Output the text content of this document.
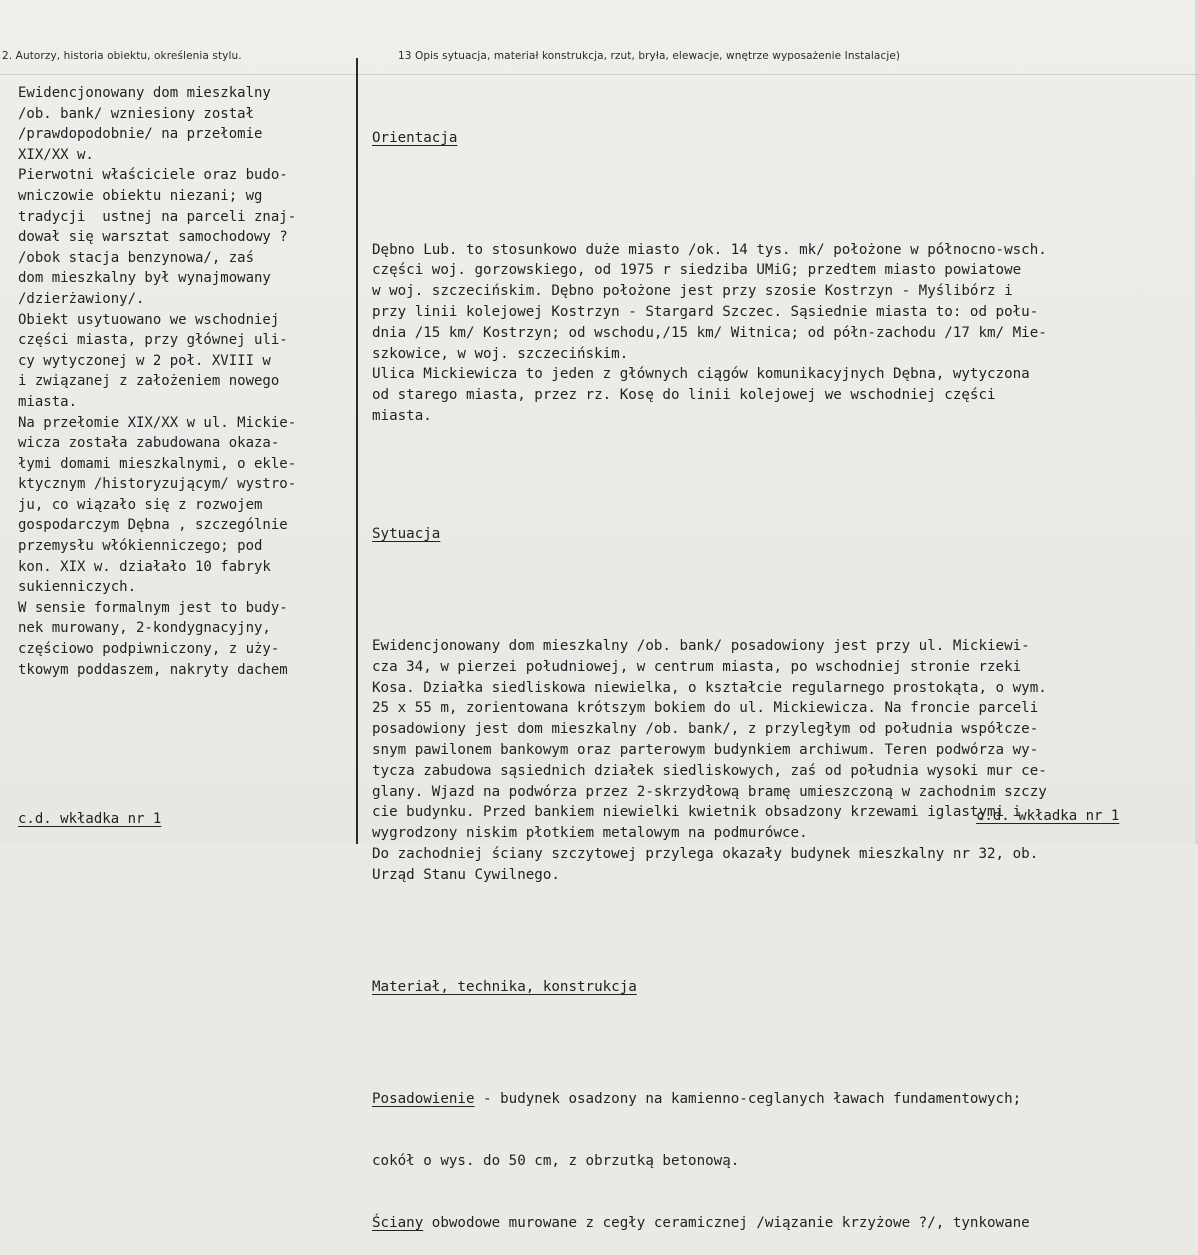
2. Autorzy, historia obiektu, określenia stylu.	13 Opis sytuacja, materiał konstrukcja, rzut, bryła, elewacje, wnętrze wyposażenie Instalacje)
Ewidencjonowany dom mieszkalny
/ob. bank/ wzniesiony został
/prawdopodobnie/ na przełomie
XIX/XX w.
Pierwotni właściciele oraz budo-
wniczowie obiektu niezani; wg
tradycji  ustnej na parceli znaj-
dował się warsztat samochodowy ?
/obok stacja benzynowa/, zaś
dom mieszkalny był wynajmowany
/dzierżawiony/.
Obiekt usytuowano we wschodniej
części miasta, przy głównej uli-
cy wytyczonej w 2 poł. XVIII w
i związanej z założeniem nowego
miasta.
Na przełomie XIX/XX w ul. Mickie-
wicza została zabudowana okaza-
łymi domami mieszkalnymi, o ekle-
ktycznym /historyzującym/ wystro-
ju, co wiązało się z rozwojem
gospodarczym Dębna , szczególnie
przemysłu włókienniczego; pod
kon. XIX w. działało 10 fabryk
sukienniczych.
W sensie formalnym jest to budy-
nek murowany, 2-kondygnacyjny,
częściowo podpiwniczony, z uży-
tkowym poddaszem, nakryty dachem

Orientacja

Dębno Lub. to stosunkowo duże miasto /ok. 14 tys. mk/ położone w północno-wsch.
części woj. gorzowskiego, od 1975 r siedziba UMiG; przedtem miasto powiatowe
w woj. szczecińskim. Dębno położone jest przy szosie Kostrzyn - Myślibórz i
przy linii kolejowej Kostrzyn - Stargard Szczec. Sąsiednie miasta to: od połu-
dnia /15 km/ Kostrzyn; od wschodu,/15 km/ Witnica; od półn-zachodu /17 km/ Mie-
szkowice, w woj. szczecińskim.
Ulica Mickiewicza to jeden z głównych ciągów komunikacyjnych Dębna, wytyczona
od starego miasta, przez rz. Kosę do linii kolejowej we wschodniej części
miasta.

Sytuacja

Ewidencjonowany dom mieszkalny /ob. bank/ posadowiony jest przy ul. Mickiewi-
cza 34, w pierzei południowej, w centrum miasta, po wschodniej stronie rzeki
Kosa. Działka siedliskowa niewielka, o kształcie regularnego prostokąta, o wym.
25 x 55 m, zorientowana krótszym bokiem do ul. Mickiewicza. Na froncie parceli
posadowiony jest dom mieszkalny /ob. bank/, z przyległym od południa współcze-
snym pawilonem bankowym oraz parterowym budynkiem archiwum. Teren podwórza wy-
tycza zabudowa sąsiednich działek siedliskowych, zaś od południa wysoki mur ce-
glany. Wjazd na podwórza przez 2-skrzydłową bramę umieszczoną w zachodnim szczy
cie budynku. Przed bankiem niewielki kwietnik obsadzony krzewami iglastymi i
wygrodzony niskim płotkiem metalowym na podmurówce.
Do zachodniej ściany szczytowej przylega okazały budynek mieszkalny nr 32, ob.
Urząd Stanu Cywilnego.

Materiał, technika, konstrukcja

Posadowienie - budynek osadzony na kamienno-ceglanych ławach fundamentowych;

cokół o wys. do 50 cm, z obrzutką betonową.

Ściany obwodowe murowane z cegły ceramicznej /wiązanie krzyżowe ?/, tynkowane

c.d. wkładka nr 1	c.d. wkładka nr 1
